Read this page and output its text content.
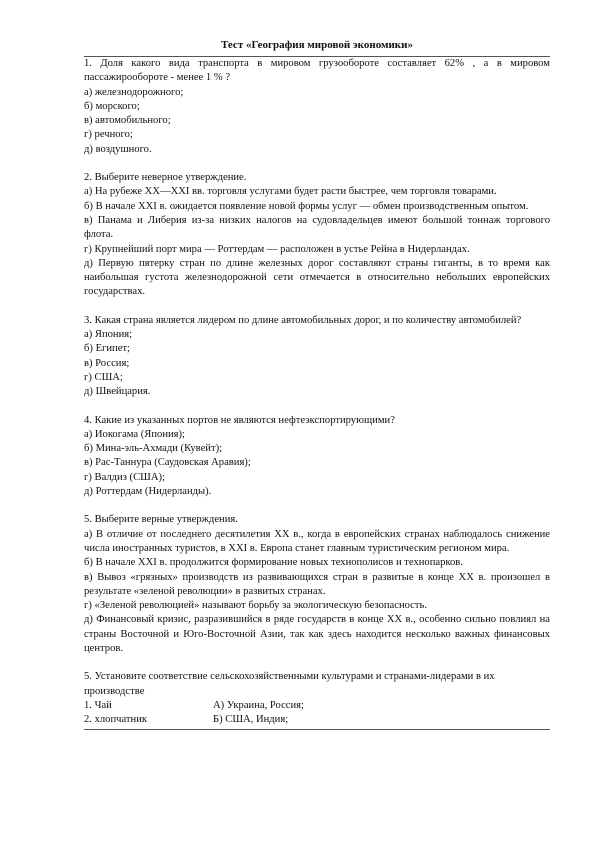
Тест «География мировой экономики»

1. Доля какого вида транспорта в мировом грузообороте составляет 62% , а в мировом пассажирообороте - менее 1 % ?

а) железнодорожного;

б) морского;

в) автомобильного;

г) речного;

д) воздушного.

2. Выберите неверное утверждение.

а) На рубеже XX—XXI вв. торговля услугами будет расти быстрее, чем торговля товарами.

б) В начале XXI в. ожидается появление новой формы услуг — обмен производственным опытом.

в) Панама и Либерия из-за низких налогов на судовладельцев имеют большой тоннаж торгового флота.

г) Крупнейший порт мира — Роттердам — расположен в устье Рейна в Нидерландах.

д) Первую пятерку стран по длине железных дорог составляют страны гиганты, в то время как наибольшая густота железнодорожной сети отмечается в относительно небольших европейских государствах.

3. Какая страна является лидером по длине автомобильных дорог, и по количеству автомобилей?

а) Япония;

б) Египет;

в) Россия;

г) США;

д) Швейцария.

4. Какие из указанных портов не являются нефтеэкспортирующими?

а) Иокогама (Япония);

б) Мина-эль-Ахмади (Кувейт);

в) Рас-Таннура (Саудовская Аравия);

г) Валдиз (США);

д) Роттердам (Нидерланды).

5. Выберите верные утверждения.

а) В отличие от последнего десятилетия XX в., когда в европейских странах наблюдалось снижение числа иностранных туристов, в XXI в. Европа станет главным туристическим регионом мира.

б) В начале XXI в. продолжится формирование новых технополисов и технопарков.

в) Вывоз «грязных» производств из развивающихся стран в развитые в конце XX в. произошел в результате «зеленой революции» в развитых странах.

г) «Зеленой революцией» называют борьбу за экологическую безопасность.

д) Финансовый кризис, разразившийся в ряде государств в конце XX в., особенно сильно повлиял на страны Восточной и Юго-Восточной Азии, так как здесь находится несколько важных финансовых центров.

5. Установите соответствие сельскохозяйственными культурами и странами-лидерами в их производстве

1. Чай	А) Украина, Россия;
2. хлопчатник	Б) США, Индия;
